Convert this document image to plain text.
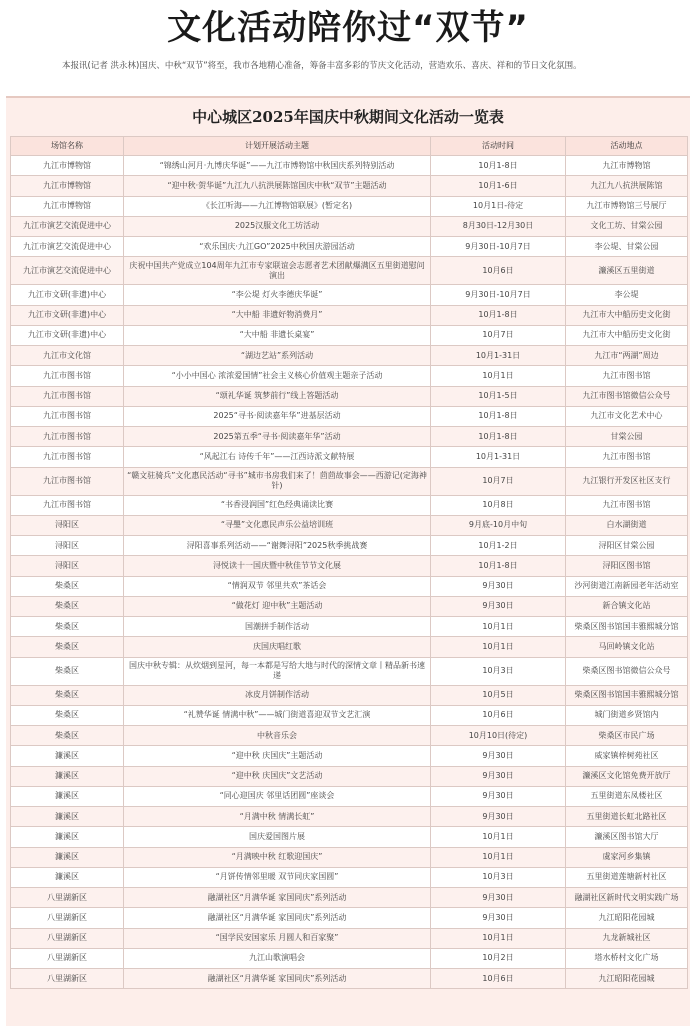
文化活动陪你过“双节”
本报讯(记者 洪永林)国庆、中秋“双节”将至，我市各地精心准备，筹备丰富多彩的节庆文化活动，营造欢乐、喜庆、祥和的节日文化氛围。
中心城区2025年国庆中秋期间文化活动一览表
场馆名称	计划开展活动主题	活动时间	活动地点
九江市博物馆	“锦绣山河月·九博庆华诞”——九江市博物馆中秋国庆系列特别活动	10月1-8日	九江市博物馆
九江市博物馆	“迎中秋·贺华诞”九江九八抗洪展陈馆国庆中秋“双节”主题活动	10月1-6日	九江九八抗洪展陈馆
九江市博物馆	《长江听海——九江博物馆联展》(暂定名)	10月1日-待定	九江市博物馆三号展厅
九江市演艺交流促进中心	2025汉服文化工坊活动	8月30日-12月30日	文化工坊、甘棠公园
九江市演艺交流促进中心	“欢乐国庆·九江GO”2025中秋国庆游园活动	9月30日-10月7日	李公堤、甘棠公园
九江市演艺交流促进中心	庆祝中国共产党成立104周年九江市专家联谊会志愿者艺术团献爆满区五里街道慰问演出	10月6日	濂溪区五里街道
九江市文研(非遗)中心	“李公堤 灯火李德庆华诞”	9月30日-10月7日	李公堤
九江市文研(非遗)中心	“大中船 非遗好物消费月”	10月1-8日	九江市大中船历史文化街
九江市文研(非遗)中心	“大中船 非遗长桌宴”	10月7日	九江市大中船历史文化街
九江市文化馆	“湖边艺站”系列活动	10月1-31日	九江市“两湖”周边
九江市图书馆	“小小中国心 浓浓爱国情”社会主义核心价值观主题亲子活动	10月1日	九江市图书馆
九江市图书馆	“颂礼华诞 筑梦前行”线上答题活动	10月1-5日	九江市图书馆微信公众号
九江市图书馆	2025“寻书·阅读嘉年华”进基层活动	10月1-8日	九江市文化艺术中心
九江市图书馆	2025第五季“寻书·阅读嘉年华”活动	10月1-8日	甘棠公园
九江市图书馆	“风起江右 诗传千年”——江西诗派文献特展	10月1-31日	九江市图书馆
九江市图书馆	“赣文驻骑兵”文化惠民活动“寻书”城市书房我们来了！茴茴故事会——西游记(定海神针)	10月7日	九江银行开发区社区支行
九江市图书馆	“书香浸润国”红色经典诵读比赛	10月8日	九江市图书馆
浔阳区	“寻璺”文化惠民声乐公益培训班	9月底-10月中旬	白水湖街道
浔阳区	浔阳喜事系列活动——“谢舞浔阳”2025秋季挑战赛	10月1-2日	浔阳区甘棠公园
浔阳区	浔悦读十一国庆暨中秋佳节节文化展	10月1-8日	浔阳区图书馆
柴桑区	“情润双节 邻里共欢”茶话会	9月30日	沙河街道江南新园老年活动室
柴桑区	“做花灯 迎中秋”主题活动	9月30日	新合镇文化站
柴桑区	国潮拼手制作活动	10月1日	柴桑区图书馆国丰雅熙城分馆
柴桑区	庆国庆唱红歌	10月1日	马回岭镇文化站
柴桑区	国庆中秋专辑：从炊烟到星河，每一本都是写给大地与时代的深情文章丨精品新书速递	10月3日	柴桑区图书馆微信公众号
柴桑区	冰皮月饼制作活动	10月5日	柴桑区图书馆国丰雅熙城分馆
柴桑区	“礼赞华诞 情满中秋”——城门街道喜迎双节文艺汇演	10月6日	城门街道乡贤馆内
柴桑区	中秋音乐会	10月10日(待定)	柴桑区市民广场
濂溪区	“迎中秋 庆国庆”主题活动	9月30日	威家镇梓树苑社区
濂溪区	“迎中秋 庆国庆”文艺活动	9月30日	濂溪区文化馆免费开放厅
濂溪区	“同心迎国庆 邻里话团圆”座谈会	9月30日	五里街道东凤楼社区
濂溪区	“月满中秋 情满长虹”	9月30日	五里街道长虹北路社区
濂溪区	国庆爱国图片展	10月1日	濂溪区图书馆大厅
濂溪区	“月满映中秋 红歌迎国庆”	10月1日	虞家河乡集镇
濂溪区	“月饼传情邻里暖 双节同庆家国圆”	10月3日	五里街道莲塘新村社区
八里湖新区	融湖社区“月满华诞 家国同庆”系列活动	9月30日	融湖社区新时代文明实践广场
八里湖新区	融湖社区“月满华诞 家国同庆”系列活动	9月30日	九江昭阳花园城
八里湖新区	“国学民安国家乐 月圆人和百家聚”	10月1日	九龙新城社区
八里湖新区	九江山歌演唱会	10月2日	塔水桥村文化广场
八里湖新区	融湖社区“月满华诞 家国同庆”系列活动	10月6日	九江昭阳花园城
